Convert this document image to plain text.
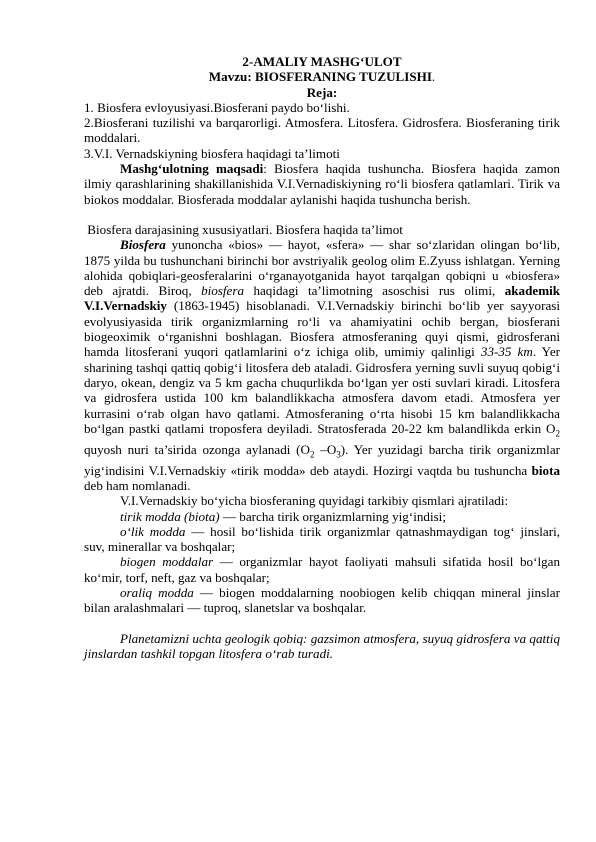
2-AMALIY MASHG‘ULOT

Mavzu: BIOSFERANING TUZULISHI.

Reja:

1. Biosfera evloyusiyasi.Biosferani paydo bo‘lishi.

2.Biosferani tuzilishi va barqarorligi. Atmosfera. Litosfera. Gidrosfera. Biosferaning tirik moddalari.

3.V.I. Vernadskiyning biosfera haqidagi ta’limoti

Mashg‘ulotning maqsadi: Biosfera haqida tushuncha. Biosfera haqida zamon ilmiy qarashlarining shakillanishida V.I.Vernadiskiyning ro‘li biosfera qatlamlari. Tirik va biokos moddalar. Biosferada moddalar aylanishi haqida tushuncha berish.

Biosfera darajasining xususiyatlari. Biosfera haqida ta’limot

Biosfera yunoncha «bios» — hayot, «sfera» — shar so‘zlaridan olingan bo‘lib, 1875 yilda bu tushunchani birinchi bor avstriyalik geolog olim E.Zyuss ishlatgan. Yerning alohida qobiqlari-geosferalarini o‘rganayotganida hayot tarqalgan qobiqni u «biosfera» deb ajratdi. Biroq, biosfera haqidagi ta’limotning asoschisi rus olimi, akademik V.I.Vernadskiy (1863-1945) hisoblanadi. V.I.Vernadskiy birinchi bo‘lib yer sayyorasi evolyusiyasida tirik organizmlarning ro‘li va ahamiyatini ochib bergan, biosferani biogeoximik o‘rganishni boshlagan. Biosfera atmosferaning quyi qismi, gidrosferani hamda litosferani yuqori qatlamlarini o‘z ichiga olib, umimiy qalinligi 33-35 km. Yer sharining tashqi qattiq qobig‘i litosfera deb ataladi. Gidrosfera yerning suvli suyuq qobig‘i daryo, okean, dengiz va 5 km gacha chuqurlikda bo‘lgan yer osti suvlari kiradi. Litosfera va gidrosfera ustida 100 km balandlikkacha atmosfera davom etadi. Atmosfera yer kurrasini o‘rab olgan havo qatlami. Atmosferaning o‘rta hisobi 15 km balandlikkacha bo‘lgan pastki qatlami troposfera deyiladi. Stratosferada 20-22 km balandlikda erkin $O_2$ quyosh nuri ta’sirida ozonga aylanadi ($O_2$ $-O_3$). Yer yuzidagi barcha tirik organizmlar yig‘indisini V.I.Vernadskiy «tirik modda» deb ataydi. Hozirgi vaqtda bu tushuncha biota deb ham nomlanadi.

V.I.Vernadskiy bo‘yicha biosferaning quyidagi tarkibiy qismlari ajratiladi:

tirik modda (biota) — barcha tirik organizmlarning yig‘indisi;

o‘lik modda — hosil bo‘lishida tirik organizmlar qatnashmaydigan tog‘ jinslari, suv, minerallar va boshqalar;

biogen moddalar — organizmlar hayot faoliyati mahsuli sifatida hosil bo‘lgan ko‘mir, torf, neft, gaz va boshqalar;

oraliq modda — biogen moddalarning noobiogen kelib chiqqan mineral jinslar bilan aralashmalari — tuproq, slanetslar va boshqalar.

Planetamizni uchta geologik qobiq: gazsimon atmosfera, suyuq gidrosfera va qattiq jinslardan tashkil topgan litosfera o‘rab turadi.
